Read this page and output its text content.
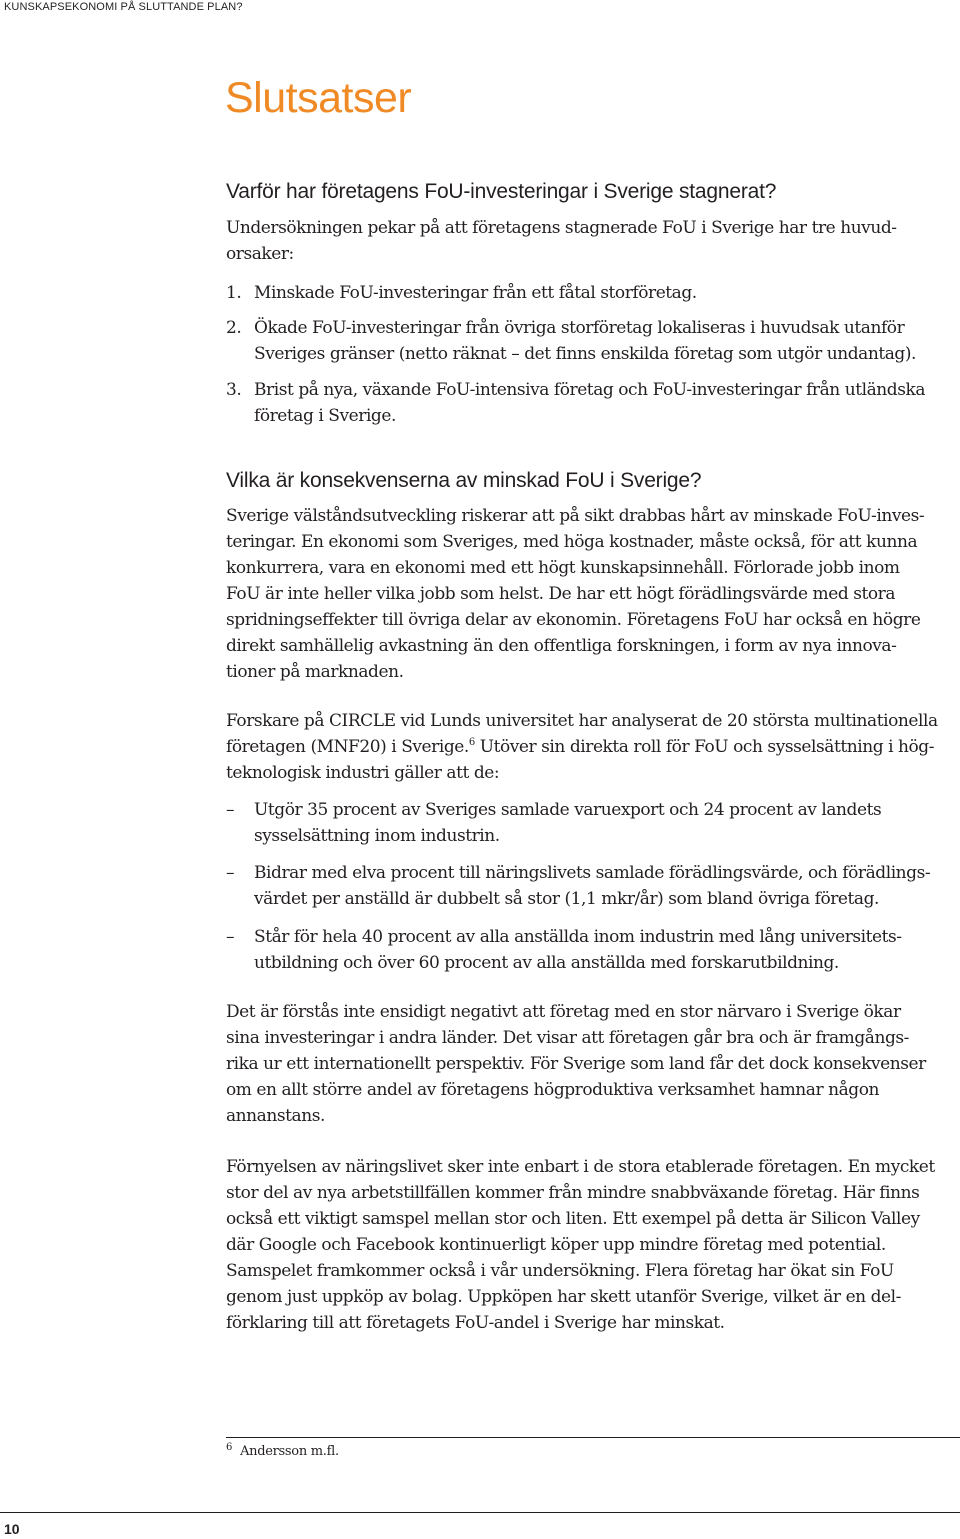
KUNSKAPSEKONOMI PÅ SLUTTANDE PLAN?
Slutsatser
Varför har företagens FoU-investeringar i Sverige stagnerat?
Undersökningen pekar på att företagens stagnerade FoU i Sverige har tre huvud-
orsaker:
1. Minskade FoU-investeringar från ett fåtal storföretag.
2. Ökade FoU-investeringar från övriga storföretag lokaliseras i huvudsak utanför
Sveriges gränser (netto räknat – det finns enskilda företag som utgör undantag).
3. Brist på nya, växande FoU-intensiva företag och FoU-investeringar från utländska
företag i Sverige.
Vilka är konsekvenserna av minskad FoU i Sverige?
Sverige välståndsutveckling riskerar att på sikt drabbas hårt av minskade FoU-inves-
teringar. En ekonomi som Sveriges, med höga kostnader, måste också, för att kunna
konkurrera, vara en ekonomi med ett högt kunskapsinnehåll. Förlorade jobb inom
FoU är inte heller vilka jobb som helst. De har ett högt förädlingsvärde med stora
spridningseffekter till övriga delar av ekonomin. Företagens FoU har också en högre
direkt samhällelig avkastning än den offentliga forskningen, i form av nya innova-
tioner på marknaden.
Forskare på CIRCLE vid Lunds universitet har analyserat de 20 största multinationella
företagen (MNF20) i Sverige.$^6$ Utöver sin direkta roll för FoU och sysselsättning i hög-
teknologisk industri gäller att de:
– Utgör 35 procent av Sveriges samlade varuexport och 24 procent av landets
sysselsättning inom industrin.
– Bidrar med elva procent till näringslivets samlade förädlingsvärde, och förädlings-
värdet per anställd är dubbelt så stor (1,1 mkr/år) som bland övriga företag.
– Står för hela 40 procent av alla anställda inom industrin med lång universitets-
utbildning och över 60 procent av alla anställda med forskarutbildning.
Det är förstås inte ensidigt negativt att företag med en stor närvaro i Sverige ökar
sina investeringar i andra länder. Det visar att företagen går bra och är framgångs-
rika ur ett internationellt perspektiv. För Sverige som land får det dock konsekvenser
om en allt större andel av företagens högproduktiva verksamhet hamnar någon
annanstans.
Förnyelsen av näringslivet sker inte enbart i de stora etablerade företagen. En mycket
stor del av nya arbetstillfällen kommer från mindre snabbväxande företag. Här finns
också ett viktigt samspel mellan stor och liten. Ett exempel på detta är Silicon Valley
där Google och Facebook kontinuerligt köper upp mindre företag med potential.
Samspelet framkommer också i vår undersökning. Flera företag har ökat sin FoU
genom just uppköp av bolag. Uppköpen har skett utanför Sverige, vilket är en del-
förklaring till att företagets FoU-andel i Sverige har minskat.
$^6$ Andersson m.fl.
10
